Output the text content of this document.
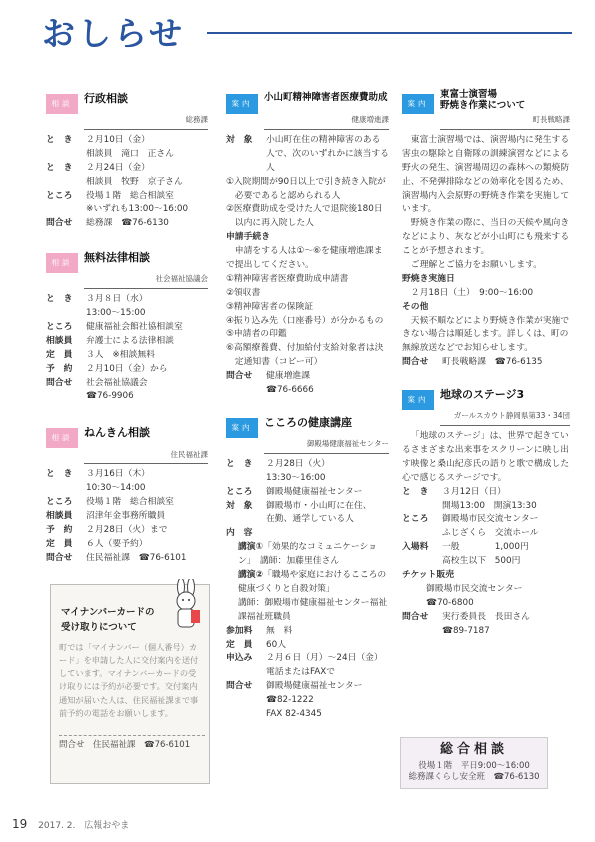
おしらせ
相談	行政相談
総務課
と　き	２月10日（金）
相談員　滝口　正さん
と　き	２月24日（金）
相談員　牧野　京子さん
ところ	役場１階　総合相談室
※いずれも13:00～16:00
問合せ	総務課　☎76-6130
相談	無料法律相談
社会福祉協議会
と　き	３月８日（水）
13:00～15:00
ところ	健康福祉会館社協相談室
相談員	弁護士による法律相談
定　員	３人　※相談無料
予　約	２月10日（金）から
問合せ	社会福祉協議会
☎76-9906
相談	ねんきん相談
住民福祉課
と　き	３月16日（木）
10:30～14:00
ところ	役場１階　総合相談室
相談員	沼津年金事務所職員
予　約	２月28日（火）まで
定　員	６人（要予約）
問合せ	住民福祉課　☎76-6101
マイナンバーカードの
受け取りについて
町では「マイナンバー（個人番号）カード」を申請した人に交付案内を送付しています。マイナンバーカードの受け取りには予約が必要です。交付案内通知が届いた人は、住民福祉課まで事前予約の電話をお願いします。
問合せ　住民福祉課　☎76-6101
案内
小山町精神障害者医療費助成
健康増進課
対　象	小山町在住の精神障害のある人で、次のいずれかに該当する人
①入院期間が90日以上で引き続き入院が必要であると認められる人
②医療費助成を受けた人で退院後180日以内に再入院した人
申請手続き
申請をする人は①～⑥を健康増進課まで提出してください。
①精神障害者医療費助成申請書
②領収書
③精神障害者の保険証
④振り込み先（口座番号）が分かるもの
⑤申請者の印鑑
⑥高額療養費、付加給付支給対象者は決定通知書（コピー可）
問合せ	健康増進課
☎76-6666
案内	こころの健康講座
御殿場健康福祉センター
と　き	２月28日（火）
13:30～16:00
ところ	御殿場健康福祉センター
対　象	御殿場市・小山町に在住、
在勤、通学している人
内　容
講演①「効果的なコミュニケーション」　講師：加藤里佳さん
講演②「職場や家庭におけるこころの健康づくりと自殺対策」
講師：御殿場市健康福祉センター福祉課福祉班職員
参加料	無　料
定　員	60人
申込み	２月６日（月）～24日（金）
電話またはFAXで
問合せ	御殿場健康福祉センター
☎82-1222
FAX 82-4345
案内
東富士演習場
野焼き作業について
町長戦略課
東富士演習場では、演習場内に発生する害虫の駆除と自衛隊の訓練演習などによる野火の発生、演習場周辺の森林への類焼防止、不発弾排除などの効率化を図るため、演習場内入会原野の野焼き作業を実施しています。
野焼き作業の際に、当日の天候や風向きなどにより、灰などが小山町にも飛来することが予想されます。
ご理解とご協力をお願いします。
野焼き実施日
２月18日（土）　9:00～16:00
その他
天候不順などにより野焼き作業が実施できない場合は順延します。詳しくは、町の無線放送などでお知らせします。
問合せ	町長戦略課　☎76-6135
案内	地球のステージ3
ガールスカウト静岡県第33・34団
「地球のステージ」は、世界で起きているさまざまな出来事をスクリーンに映し出す映像と桑山紀彦氏の語りと歌で構成した心で感じるステージです。
と　き	３月12日（日）
開場13:00　開演13:30
ところ	御殿場市民交流センター
ふじざくら　交流ホール
入場料	一般　　　　1,000円
高校生以下　500円
チケット販売
御殿場市民交流センター
☎70-6800
問合せ	実行委員長　長田さん
☎89-7187
総合相談
役場１階　平日9:00～16:00
総務課くらし安全班　☎76-6130
19 2017. 2. 広報おやま
